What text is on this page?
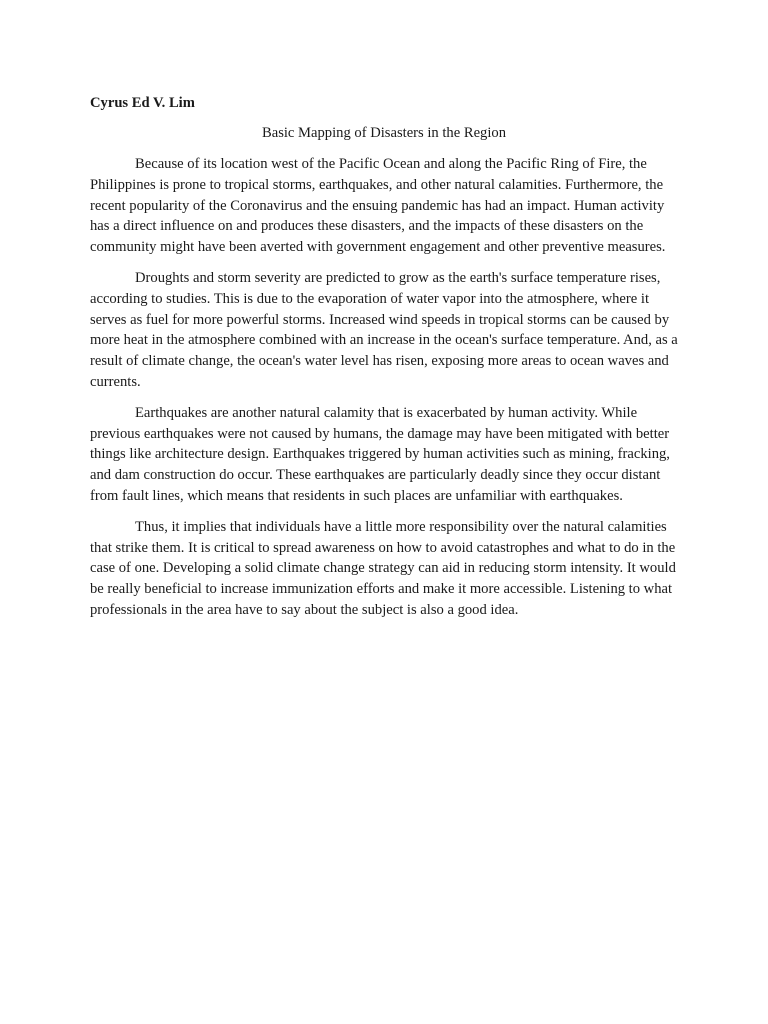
Cyrus Ed V. Lim

Basic Mapping of Disasters in the Region

Because of its location west of the Pacific Ocean and along the Pacific Ring of Fire, the Philippines is prone to tropical storms, earthquakes, and other natural calamities. Furthermore, the recent popularity of the Coronavirus and the ensuing pandemic has had an impact. Human activity has a direct influence on and produces these disasters, and the impacts of these disasters on the community might have been averted with government engagement and other preventive measures.

Droughts and storm severity are predicted to grow as the earth's surface temperature rises, according to studies. This is due to the evaporation of water vapor into the atmosphere, where it serves as fuel for more powerful storms. Increased wind speeds in tropical storms can be caused by more heat in the atmosphere combined with an increase in the ocean's surface temperature. And, as a result of climate change, the ocean's water level has risen, exposing more areas to ocean waves and currents.

Earthquakes are another natural calamity that is exacerbated by human activity. While previous earthquakes were not caused by humans, the damage may have been mitigated with better things like architecture design. Earthquakes triggered by human activities such as mining, fracking, and dam construction do occur. These earthquakes are particularly deadly since they occur distant from fault lines, which means that residents in such places are unfamiliar with earthquakes.

Thus, it implies that individuals have a little more responsibility over the natural calamities that strike them. It is critical to spread awareness on how to avoid catastrophes and what to do in the case of one. Developing a solid climate change strategy can aid in reducing storm intensity. It would be really beneficial to increase immunization efforts and make it more accessible. Listening to what professionals in the area have to say about the subject is also a good idea.
